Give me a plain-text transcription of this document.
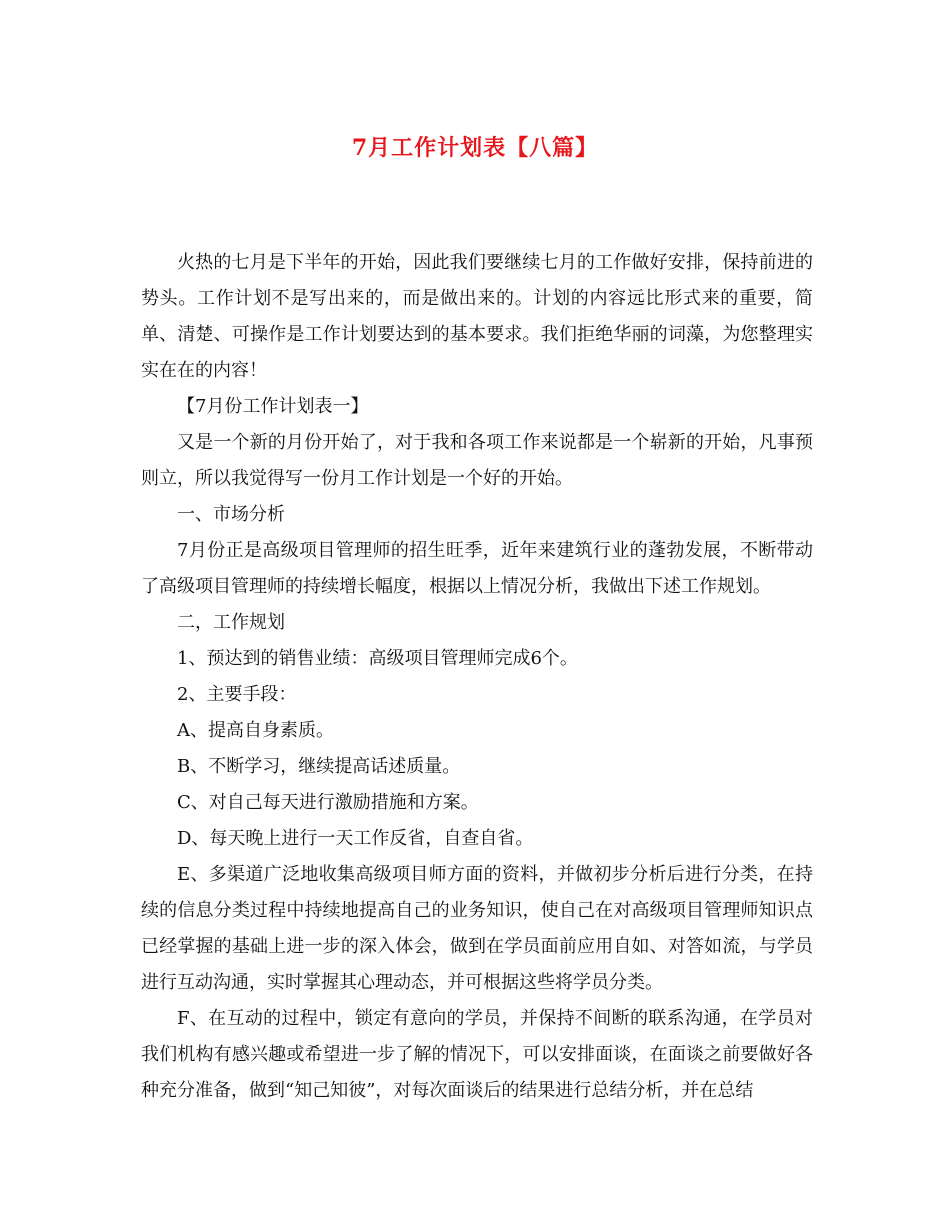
7月工作计划表【八篇】

火热的七月是下半年的开始，因此我们要继续七月的工作做好安排，保持前进的势头。工作计划不是写出来的，而是做出来的。计划的内容远比形式来的重要，简单、清楚、可操作是工作计划要达到的基本要求。我们拒绝华丽的词藻，为您整理实实在在的内容！

【7月份工作计划表一】

又是一个新的月份开始了，对于我和各项工作来说都是一个崭新的开始，凡事预则立，所以我觉得写一份月工作计划是一个好的开始。

一、市场分析

7月份正是高级项目管理师的招生旺季，近年来建筑行业的蓬勃发展，不断带动了高级项目管理师的持续增长幅度，根据以上情况分析，我做出下述工作规划。

二，工作规划

1、预达到的销售业绩：高级项目管理师完成6个。

2、主要手段：

A、提高自身素质。

B、不断学习，继续提高话述质量。

C、对自己每天进行激励措施和方案。

D、每天晚上进行一天工作反省，自查自省。

E、多渠道广泛地收集高级项目师方面的资料，并做初步分析后进行分类，在持续的信息分类过程中持续地提高自己的业务知识，使自己在对高级项目管理师知识点已经掌握的基础上进一步的深入体会，做到在学员面前应用自如、对答如流，与学员进行互动沟通，实时掌握其心理动态，并可根据这些将学员分类。

F、在互动的过程中，锁定有意向的学员，并保持不间断的联系沟通，在学员对我们机构有感兴趣或希望进一步了解的情况下，可以安排面谈，在面谈之前要做好各种充分准备，做到“知己知彼”，对每次面谈后的结果进行总结分析，并在总结
